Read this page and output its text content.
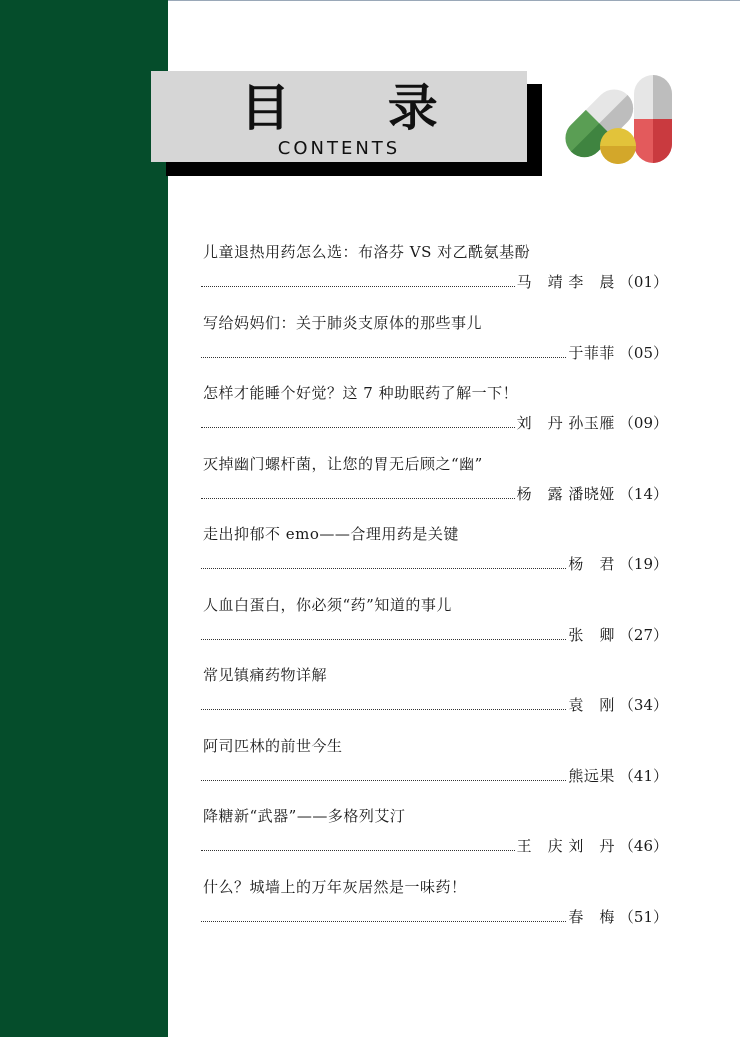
目 录
CONTENTS
儿童退热用药怎么选：布洛芬 VS 对乙酰氨基酚
马　靖 李　晨 （01）
写给妈妈们：关于肺炎支原体的那些事儿
于菲菲 （05）
怎样才能睡个好觉？这 7 种助眠药了解一下！
刘　丹 孙玉雁 （09）
灭掉幽门螺杆菌，让您的胃无后顾之“幽”
杨　露 潘晓娅 （14）
走出抑郁不 emo——合理用药是关键
杨　君 （19）
人血白蛋白，你必须“药”知道的事儿
张　卿 （27）
常见镇痛药物详解
袁　刚 （34）
阿司匹林的前世今生
熊远果 （41）
降糖新“武器”——多格列艾汀
王　庆 刘　丹 （46）
什么？城墙上的万年灰居然是一味药！
春　梅 （51）
